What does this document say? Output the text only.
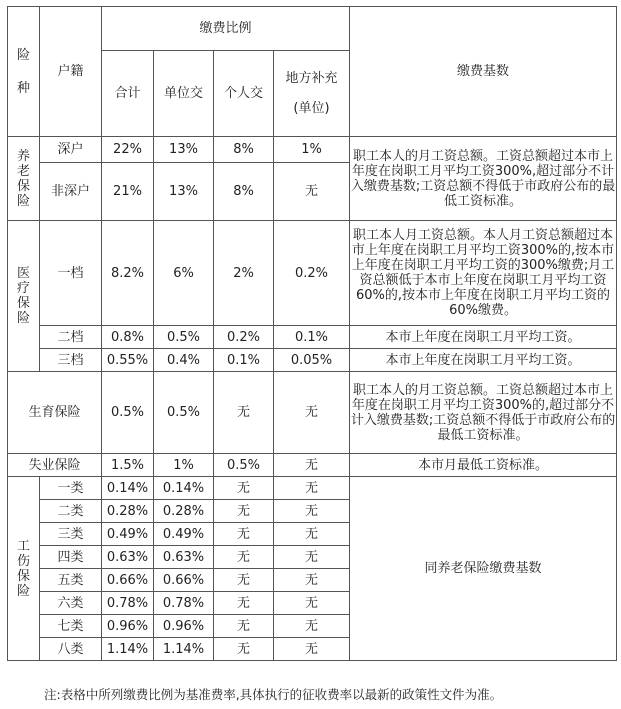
险
种	户籍	缴费比例				缴费基数
		合计	单位交	个人交	地方补充
(单位)	

养
老
保
险	深户	22%	13%	8%	1%	职工本人的月工资总额。工资总额超过本市上年度在岗职工月平均工资300%,超过部分不计入缴费基数;工资总额不得低于市政府公布的最低工资标准。
	非深户	21%	13%	8%	无	

医
疗
保
险	一档	8.2%	6%	2%	0.2%	职工本人月工资总额。本人月工资总额超过本市上年度在岗职工月平均工资300%的,按本市上年度在岗职工月平均工资的300%缴费;月工资总额低于本市上年度在岗职工月平均工资60%的,按本市上年度在岗职工月平均工资的60%缴费。
	二档	0.8%	0.5%	0.2%	0.1%	本市上年度在岗职工月平均工资。
	三档	0.55%	0.4%	0.1%	0.05%	本市上年度在岗职工月平均工资。
生育保险		0.5%	0.5%	无	无	职工本人的月工资总额。工资总额超过本市上年度在岗职工月平均工资300%的,超过部分不计入缴费基数;工资总额不得低于市政府公布的最低工资标准。
失业保险		1.5%	1%	0.5%	无	本市月最低工资标准。

工
伤
保
险	一类	0.14%	0.14%	无	无	同养老保险缴费基数
	二类	0.28%	0.28%	无	无	
	三类	0.49%	0.49%	无	无	
	四类	0.63%	0.63%	无	无	
	五类	0.66%	0.66%	无	无	
	六类	0.78%	0.78%	无	无	
	七类	0.96%	0.96%	无	无	
	八类	1.14%	1.14%	无	无	
注:表格中所列缴费比例为基准费率,具体执行的征收费率以最新的政策性文件为准。
